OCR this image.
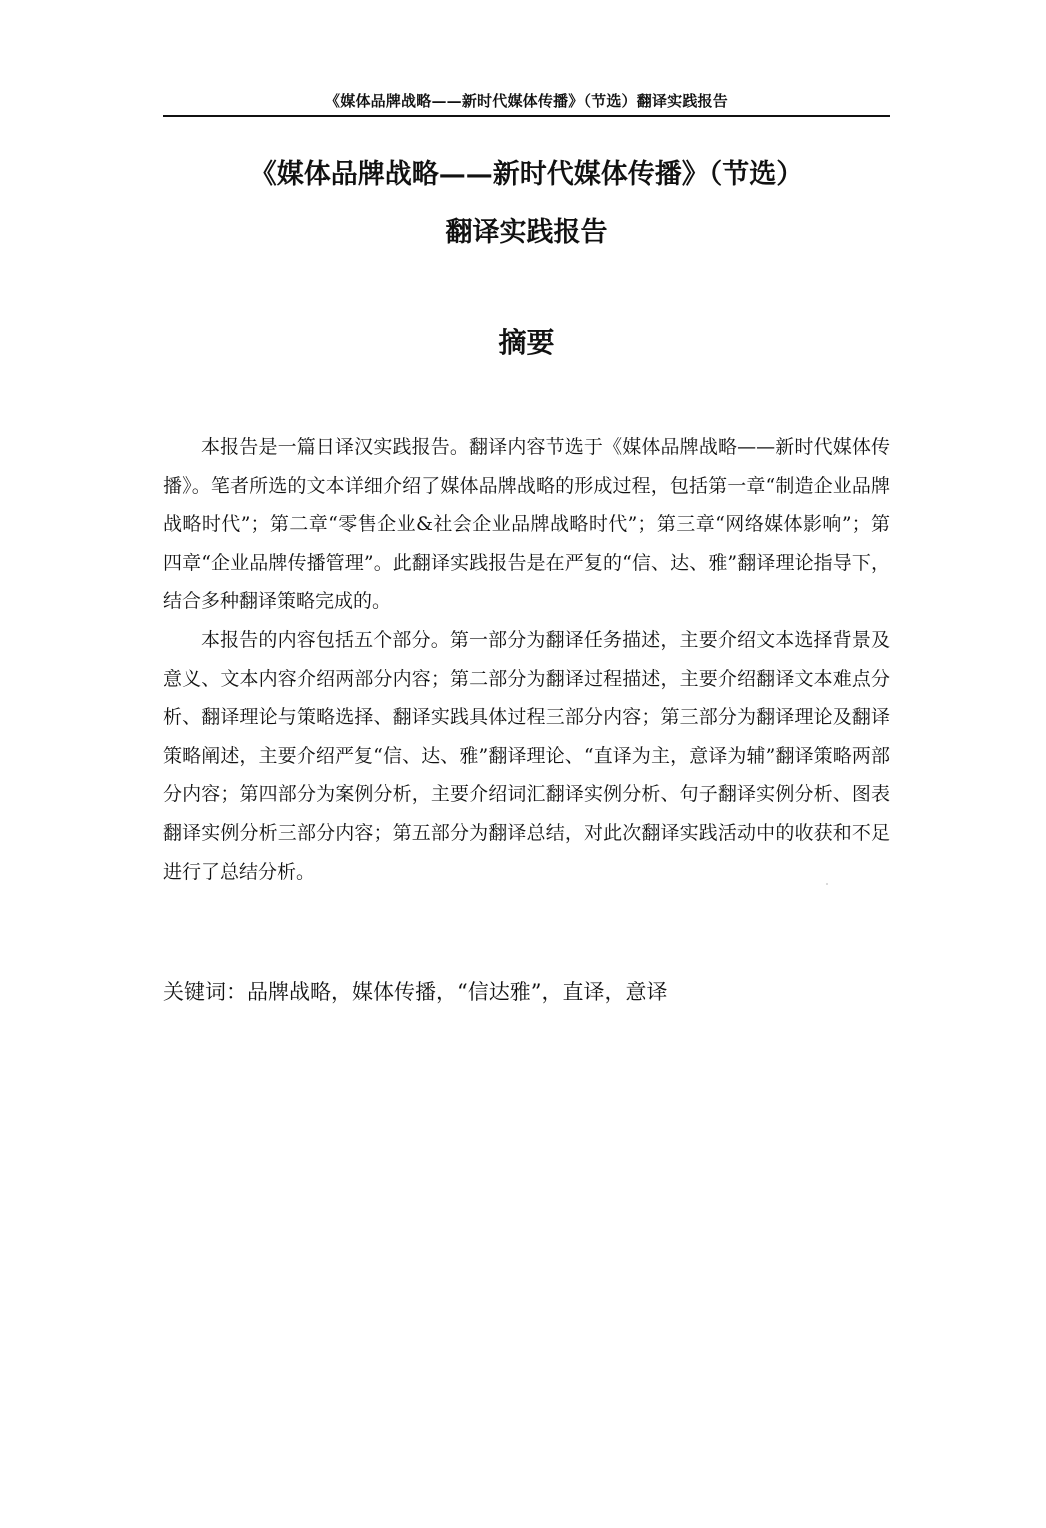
《媒体品牌战略——新时代媒体传播》（节选）翻译实践报告
《媒体品牌战略——新时代媒体传播》（节选）
翻译实践报告
摘要

本报告是一篇日译汉实践报告。翻译内容节选于《媒体品牌战略——新时代媒体传播》。笔者所选的文本详细介绍了媒体品牌战略的形成过程，包括第一章“制造企业品牌战略时代”；第二章“零售企业&社会企业品牌战略时代”；第三章“网络媒体影响”；第四章“企业品牌传播管理”。此翻译实践报告是在严复的“信、达、雅”翻译理论指导下，结合多种翻译策略完成的。

本报告的内容包括五个部分。第一部分为翻译任务描述，主要介绍文本选择背景及意义、文本内容介绍两部分内容；第二部分为翻译过程描述，主要介绍翻译文本难点分析、翻译理论与策略选择、翻译实践具体过程三部分内容；第三部分为翻译理论及翻译策略阐述，主要介绍严复“信、达、雅”翻译理论、“直译为主，意译为辅”翻译策略两部分内容；第四部分为案例分析，主要介绍词汇翻译实例分析、句子翻译实例分析、图表翻译实例分析三部分内容；第五部分为翻译总结，对此次翻译实践活动中的收获和不足进行了总结分析。

关键词：品牌战略，媒体传播，“信达雅”，直译，意译
